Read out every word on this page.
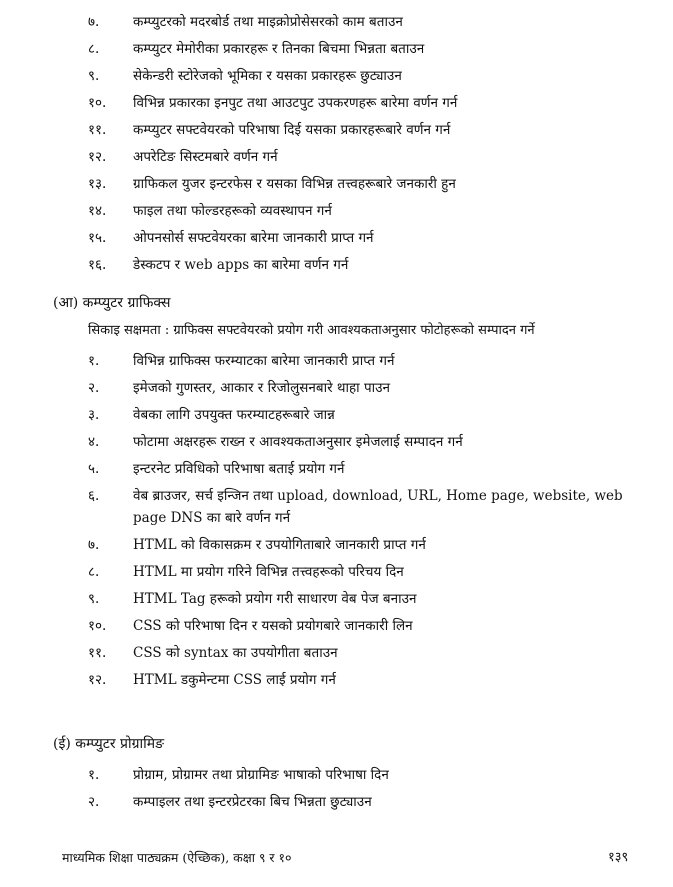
७.	कम्प्युटरको मदरबोर्ड तथा माइक्रोप्रोसेसरको काम बताउन
८.	कम्प्युटर मेमोरीका प्रकारहरू र तिनका बिचमा भिन्नता बताउन
९.	सेकेन्डरी स्टोरेजको भूमिका र यसका प्रकारहरू छुट्याउन
१०.	विभिन्न प्रकारका इनपुट तथा आउटपुट उपकरणहरू बारेमा वर्णन गर्न
११.	कम्प्युटर सफ्टवेयरको परिभाषा दिई यसका प्रकारहरूबारे वर्णन गर्न
१२.	अपरेटिङ सिस्टमबारे वर्णन गर्न
१३.	ग्राफिकल युजर इन्टरफेस र यसका विभिन्न तत्त्वहरूबारे जनकारी हुन
१४.	फाइल तथा फोल्डरहरूको व्यवस्थापन गर्न
१५.	ओपनसोर्स सफ्टवेयरका बारेमा जानकारी प्राप्त गर्न
१६.	डेस्कटप र web apps का बारेमा वर्णन गर्न
(आ) कम्प्युटर ग्राफिक्स
सिकाइ सक्षमता : ग्राफिक्स सफ्टवेयरको प्रयोग गरी आवश्यकताअनुसार फोटोहरूको सम्पादन गर्ने
१.	विभिन्न ग्राफिक्स फरम्याटका बारेमा जानकारी प्राप्त गर्न
२.	इमेजको गुणस्तर, आकार र रिजोलुसनबारे थाहा पाउन
३.	वेबका लागि उपयुक्त फरम्याटहरूबारे जान्न
४.	फोटामा अक्षरहरू राख्न र आवश्यकताअनुसार इमेजलाई सम्पादन गर्न
५.	इन्टरनेट प्रविधिको परिभाषा बताई प्रयोग गर्न
६.	वेब ब्राउजर, सर्च इन्जिन तथा upload, download, URL, Home page, website, web page DNS का बारे वर्णन गर्न
७.	HTML को विकासक्रम र उपयोगिताबारे जानकारी प्राप्त गर्न
८.	HTML मा प्रयोग गरिने विभिन्न तत्त्वहरूको परिचय दिन
९.	HTML Tag हरूको प्रयोग गरी साधारण वेब पेज बनाउन
१०.	CSS को परिभाषा दिन र यसको प्रयोगबारे जानकारी लिन
११.	CSS को syntax का उपयोगीता बताउन
१२.	HTML डकुमेन्टमा CSS लाई प्रयोग गर्न
(ई) कम्प्युटर प्रोग्रामिङ
१.	प्रोग्राम, प्रोग्रामर तथा प्रोग्रामिङ भाषाको परिभाषा दिन
२.	कम्पाइलर तथा इन्टरप्रेटरका बिच भिन्नता छुट्याउन
माध्यमिक शिक्षा पाठ्यक्रम (ऐच्छिक), कक्षा ९ र १०	१३९
